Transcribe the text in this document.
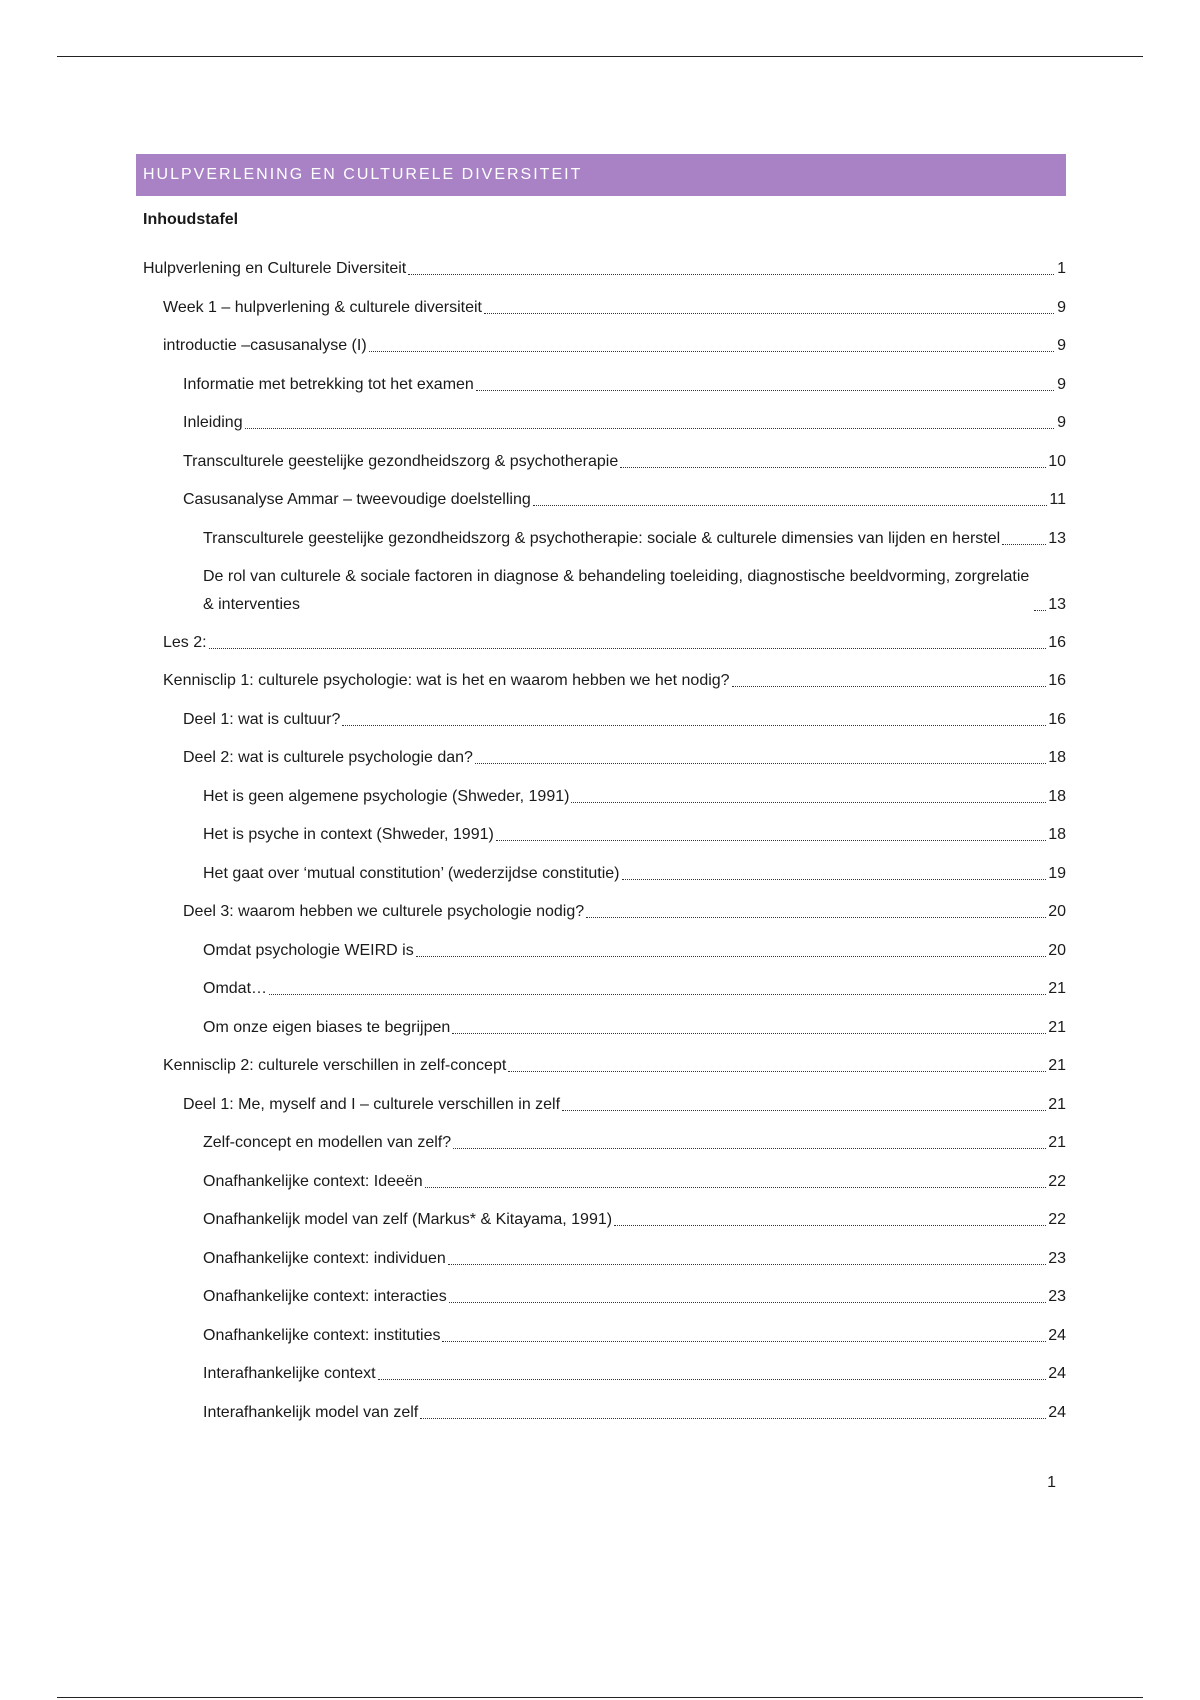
HULPVERLENING EN CULTURELE DIVERSITEIT
Inhoudstafel
Hulpverlening en Culturele Diversiteit	1
Week 1 – hulpverlening & culturele diversiteit	9
introductie –casusanalyse (I)	9
Informatie met betrekking tot het examen	9
Inleiding	9
Transculturele geestelijke gezondheidszorg & psychotherapie	10
Casusanalyse Ammar – tweevoudige doelstelling	11
Transculturele geestelijke gezondheidszorg & psychotherapie: sociale & culturele dimensies van lijden en herstel	13
De rol van culturele & sociale factoren in diagnose & behandeling toeleiding, diagnostische beeldvorming, zorgrelatie & interventies	13
Les 2:	16
Kennisclip 1: culturele psychologie: wat is het en waarom hebben we het nodig?	16
Deel 1: wat is cultuur?	16
Deel 2: wat is culturele psychologie dan?	18
Het is geen algemene psychologie (Shweder, 1991)	18
Het is psyche in context (Shweder, 1991)	18
Het gaat over ‘mutual constitution’ (wederzijdse constitutie)	19
Deel 3: waarom hebben we culturele psychologie nodig?	20
Omdat psychologie WEIRD is	20
Omdat…	21
Om onze eigen biases te begrijpen	21
Kennisclip 2: culturele verschillen in zelf-concept	21
Deel 1: Me, myself and I – culturele verschillen in zelf	21
Zelf-concept en modellen van zelf?	21
Onafhankelijke context: Ideeën	22
Onafhankelijk model van zelf (Markus* & Kitayama, 1991)	22
Onafhankelijke context: individuen	23
Onafhankelijke context: interacties	23
Onafhankelijke context: instituties	24
Interafhankelijke context	24
Interafhankelijk model van zelf	24
1
